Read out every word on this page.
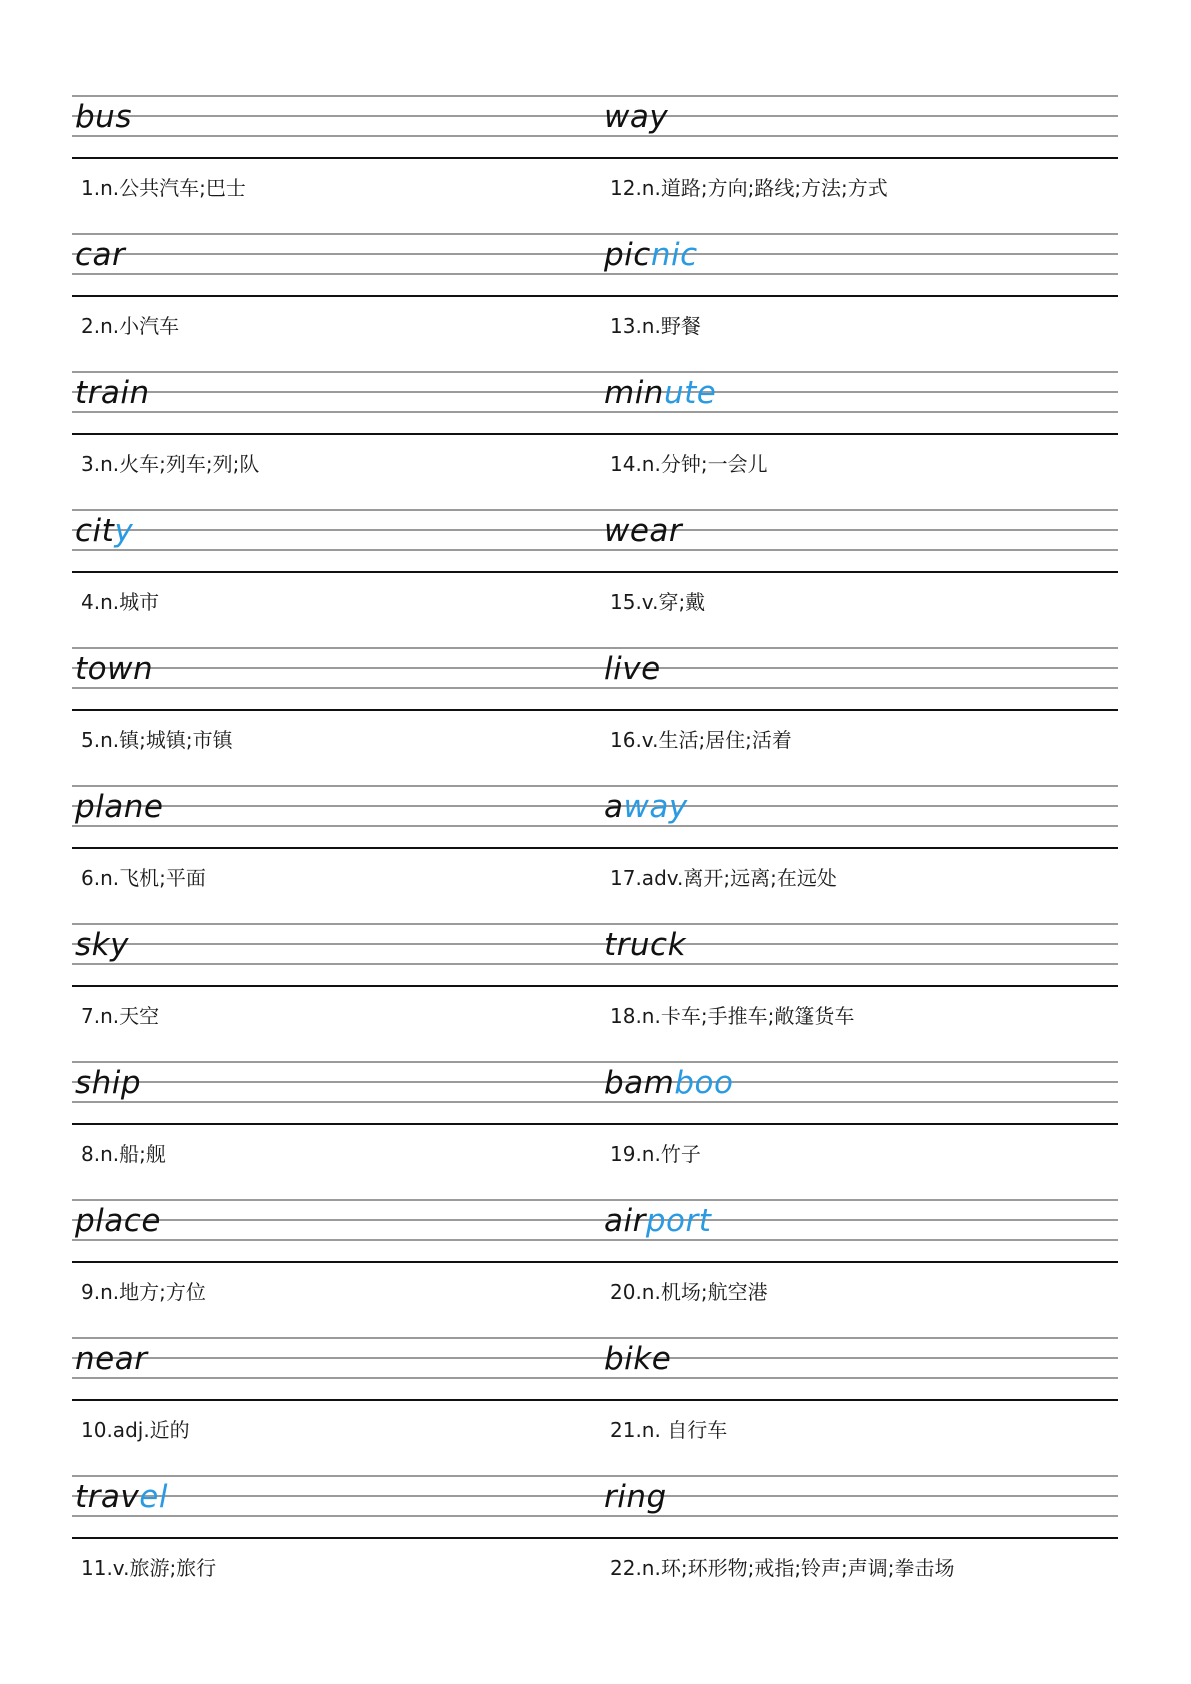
bus
1.n.公共汽车;巴士
way
12.n.道路;方向;路线;方法;方式
car
2.n.小汽车
picnic
13.n.野餐
train
3.n.火车;列车;列;队
minute
14.n.分钟;一会儿
city
4.n.城市
wear
15.v.穿;戴
town
5.n.镇;城镇;市镇
live
16.v.生活;居住;活着
plane
6.n.飞机;平面
away
17.adv.离开;远离;在远处
sky
7.n.天空
truck
18.n.卡车;手推车;敞篷货车
ship
8.n.船;舰
bamboo
19.n.竹子
place
9.n.地方;方位
airport
20.n.机场;航空港
near
10.adj.近的
bike
21.n. 自行车
travel
11.v.旅游;旅行
ring
22.n.环;环形物;戒指;铃声;声调;拳击场
